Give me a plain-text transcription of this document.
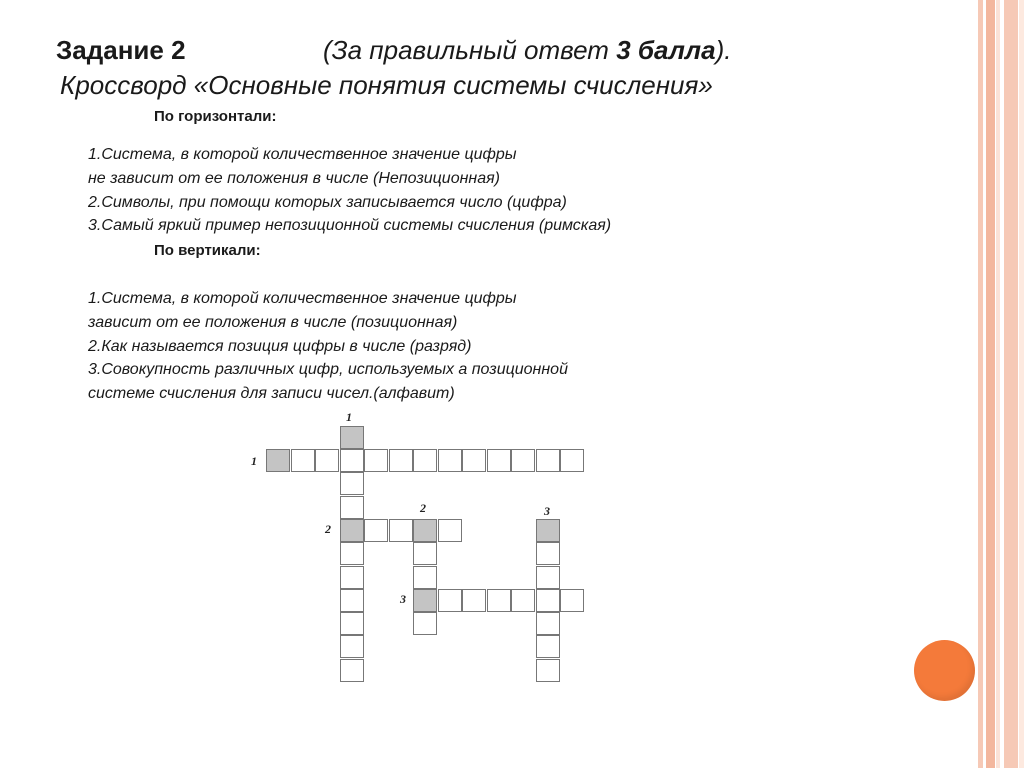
Задание 2	(За правильный ответ 3 балла).
Кроссворд «Основные понятия системы счисления»
По горизонтали:
1.Система, в которой количественное значение цифры
не зависит от ее положения в числе (Непозиционная)
2.Символы, при помощи которых записывается число (цифра)
3.Самый яркий пример непозиционной системы счисления (римская)
По вертикали:
1.Система, в которой количественное значение цифры
зависит от ее положения в числе (позиционная)
2.Как называется позиция цифры в числе (разряд)
3.Совокупность различных цифр, используемых а позиционной
системе счисления для записи чисел.(алфавит)
1
1
2	3
2
3
